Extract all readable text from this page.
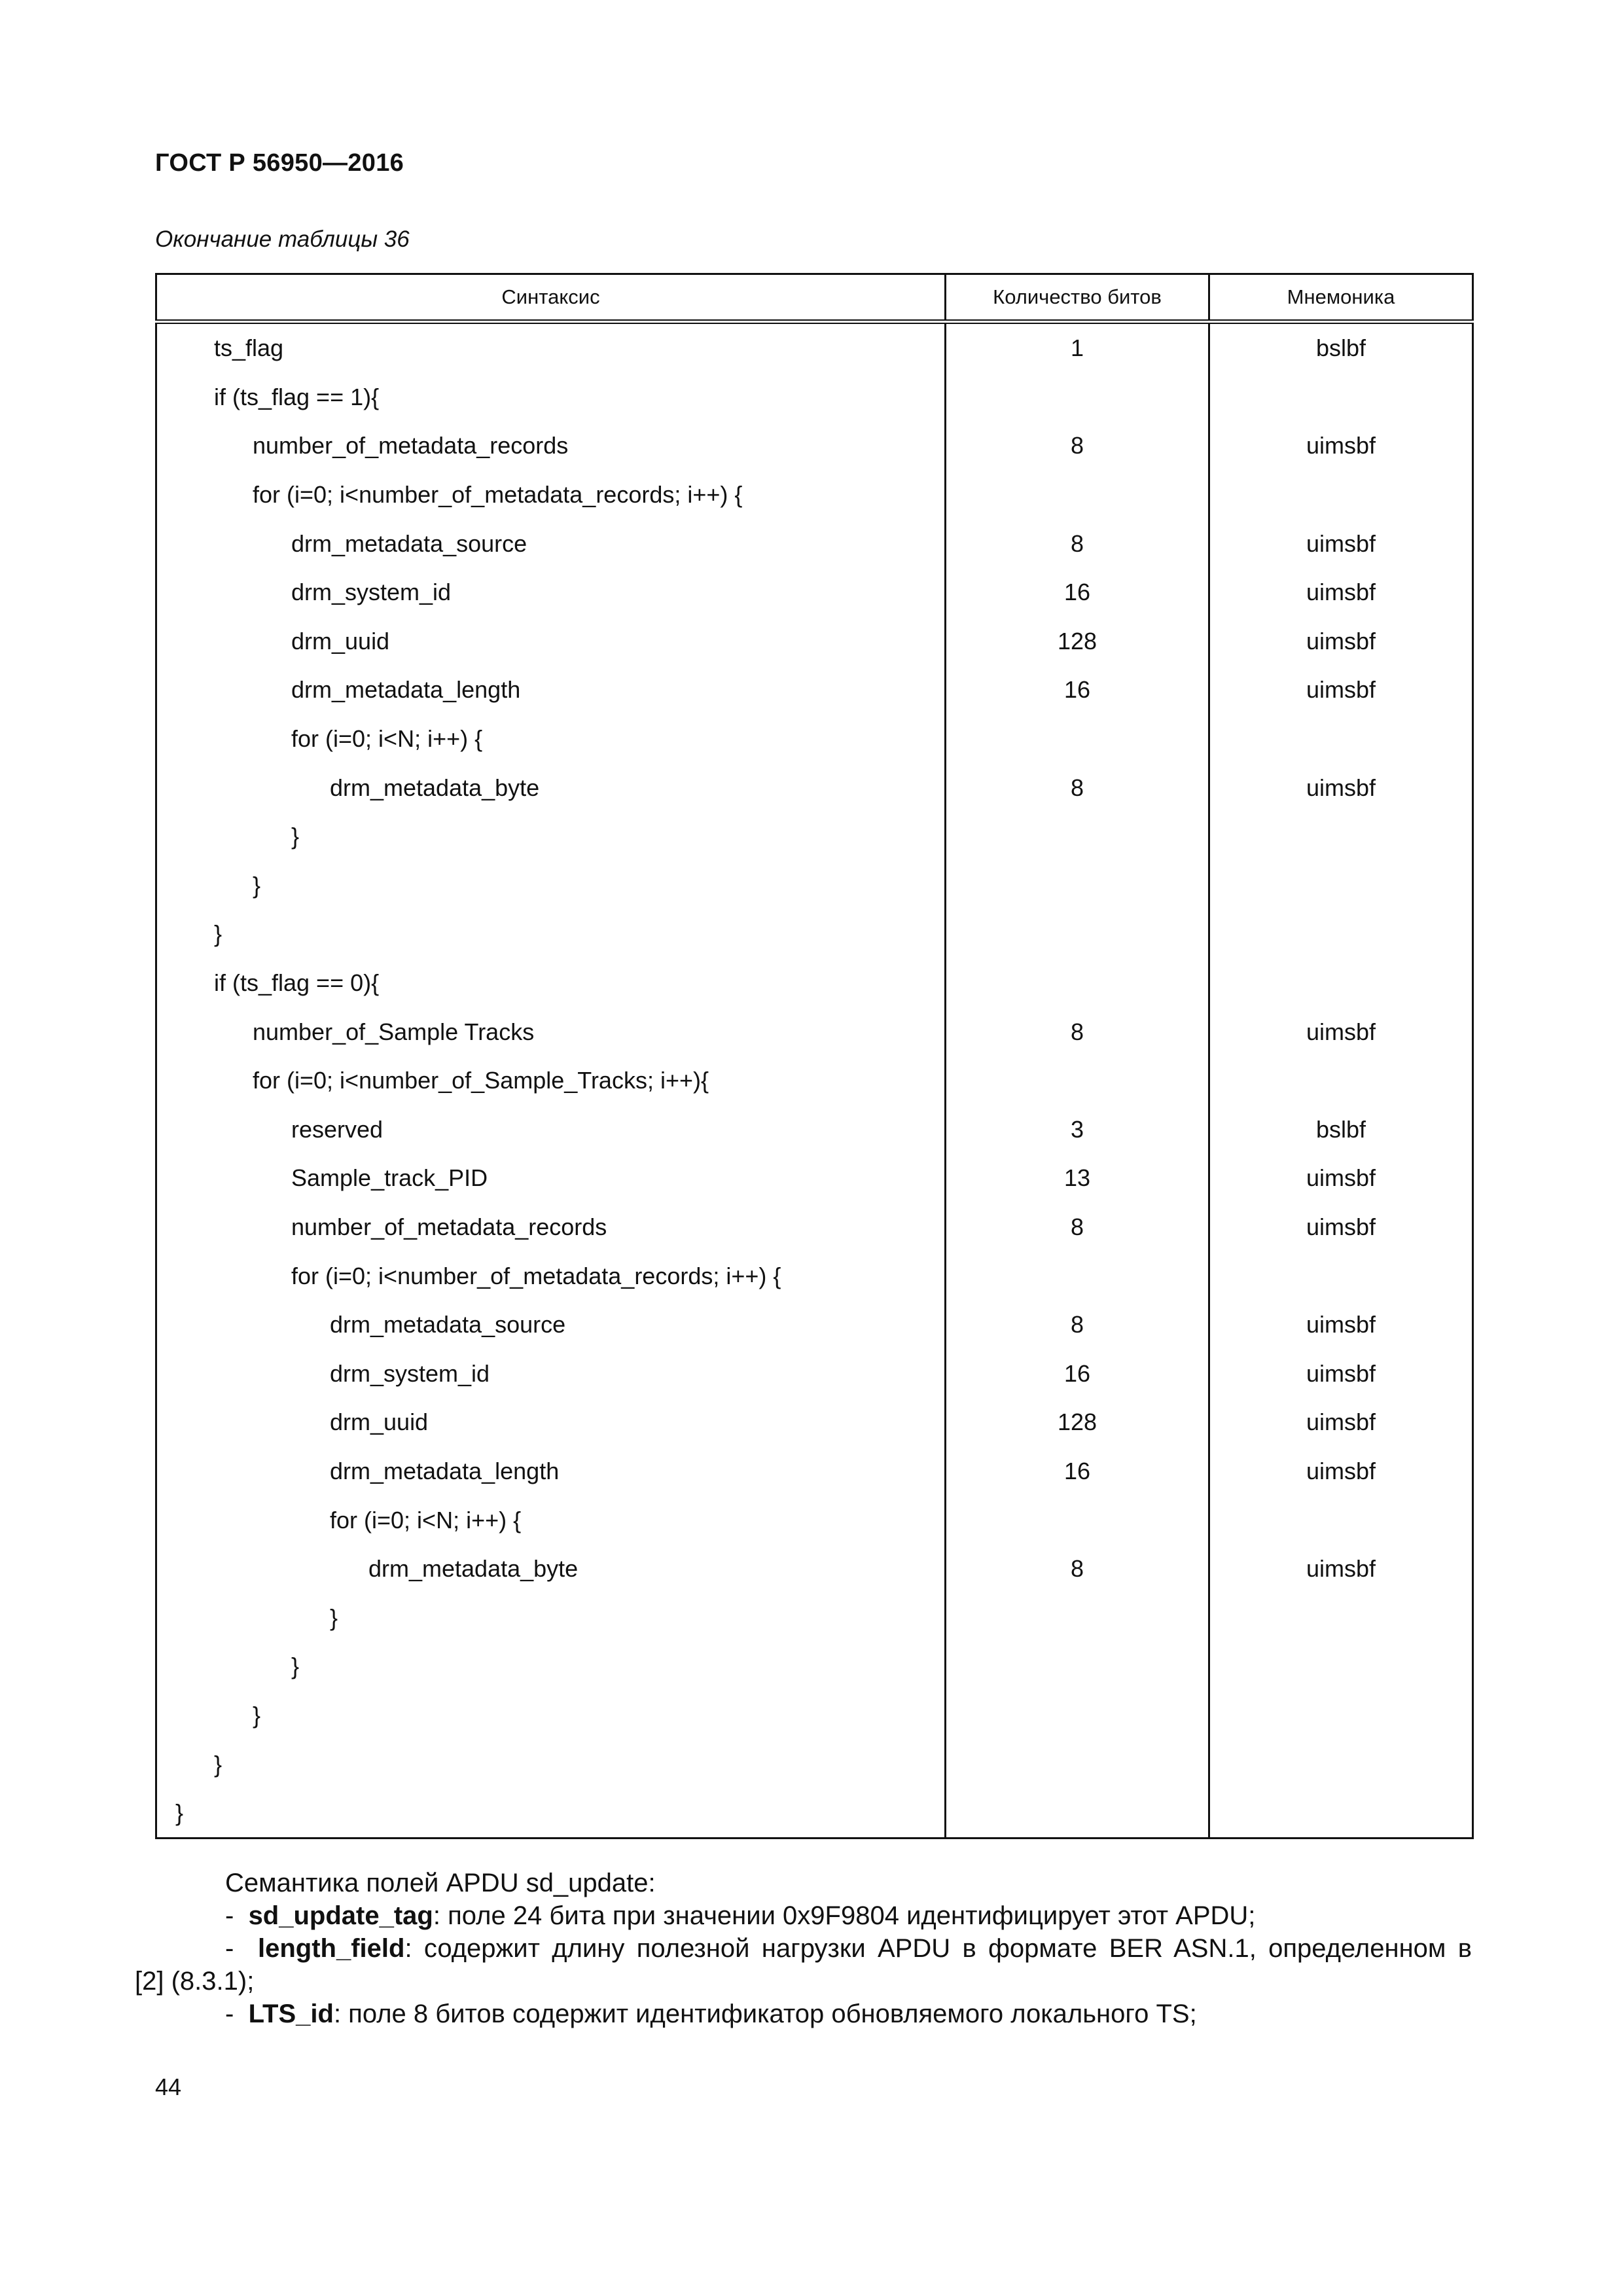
ГОСТ Р 56950—2016
Окончание таблицы 36
Синтаксис	Количество битов	Мнемоника
ts_flag	1	bslbf
if (ts_flag == 1){		
number_of_metadata_records	8	uimsbf
for (i=0; i<number_of_metadata_records; i++) {		
drm_metadata_source	8	uimsbf
drm_system_id	16	uimsbf
drm_uuid	128	uimsbf
drm_metadata_length	16	uimsbf
for (i=0; i<N; i++) {		
drm_metadata_byte	8	uimsbf
}		
}		
}		
if (ts_flag == 0){		
number_of_Sample Tracks	8	uimsbf
for (i=0; i<number_of_Sample_Tracks; i++){		
reserved	3	bslbf
Sample_track_PID	13	uimsbf
number_of_metadata_records	8	uimsbf
for (i=0; i<number_of_metadata_records; i++) {		
drm_metadata_source	8	uimsbf
drm_system_id	16	uimsbf
drm_uuid	128	uimsbf
drm_metadata_length	16	uimsbf
for (i=0; i<N; i++) {		
drm_metadata_byte	8	uimsbf
}		
}		
}		
}		
}		
Семантика полей APDU sd_update:
- sd_update_tag: поле 24 бита при значении 0x9F9804 идентифицирует этот APDU;
- length_field: содержит длину полезной нагрузки APDU в формате BER ASN.1, определенном в
[2] (8.3.1);
- LTS_id: поле 8 битов содержит идентификатор обновляемого локального TS;
44
